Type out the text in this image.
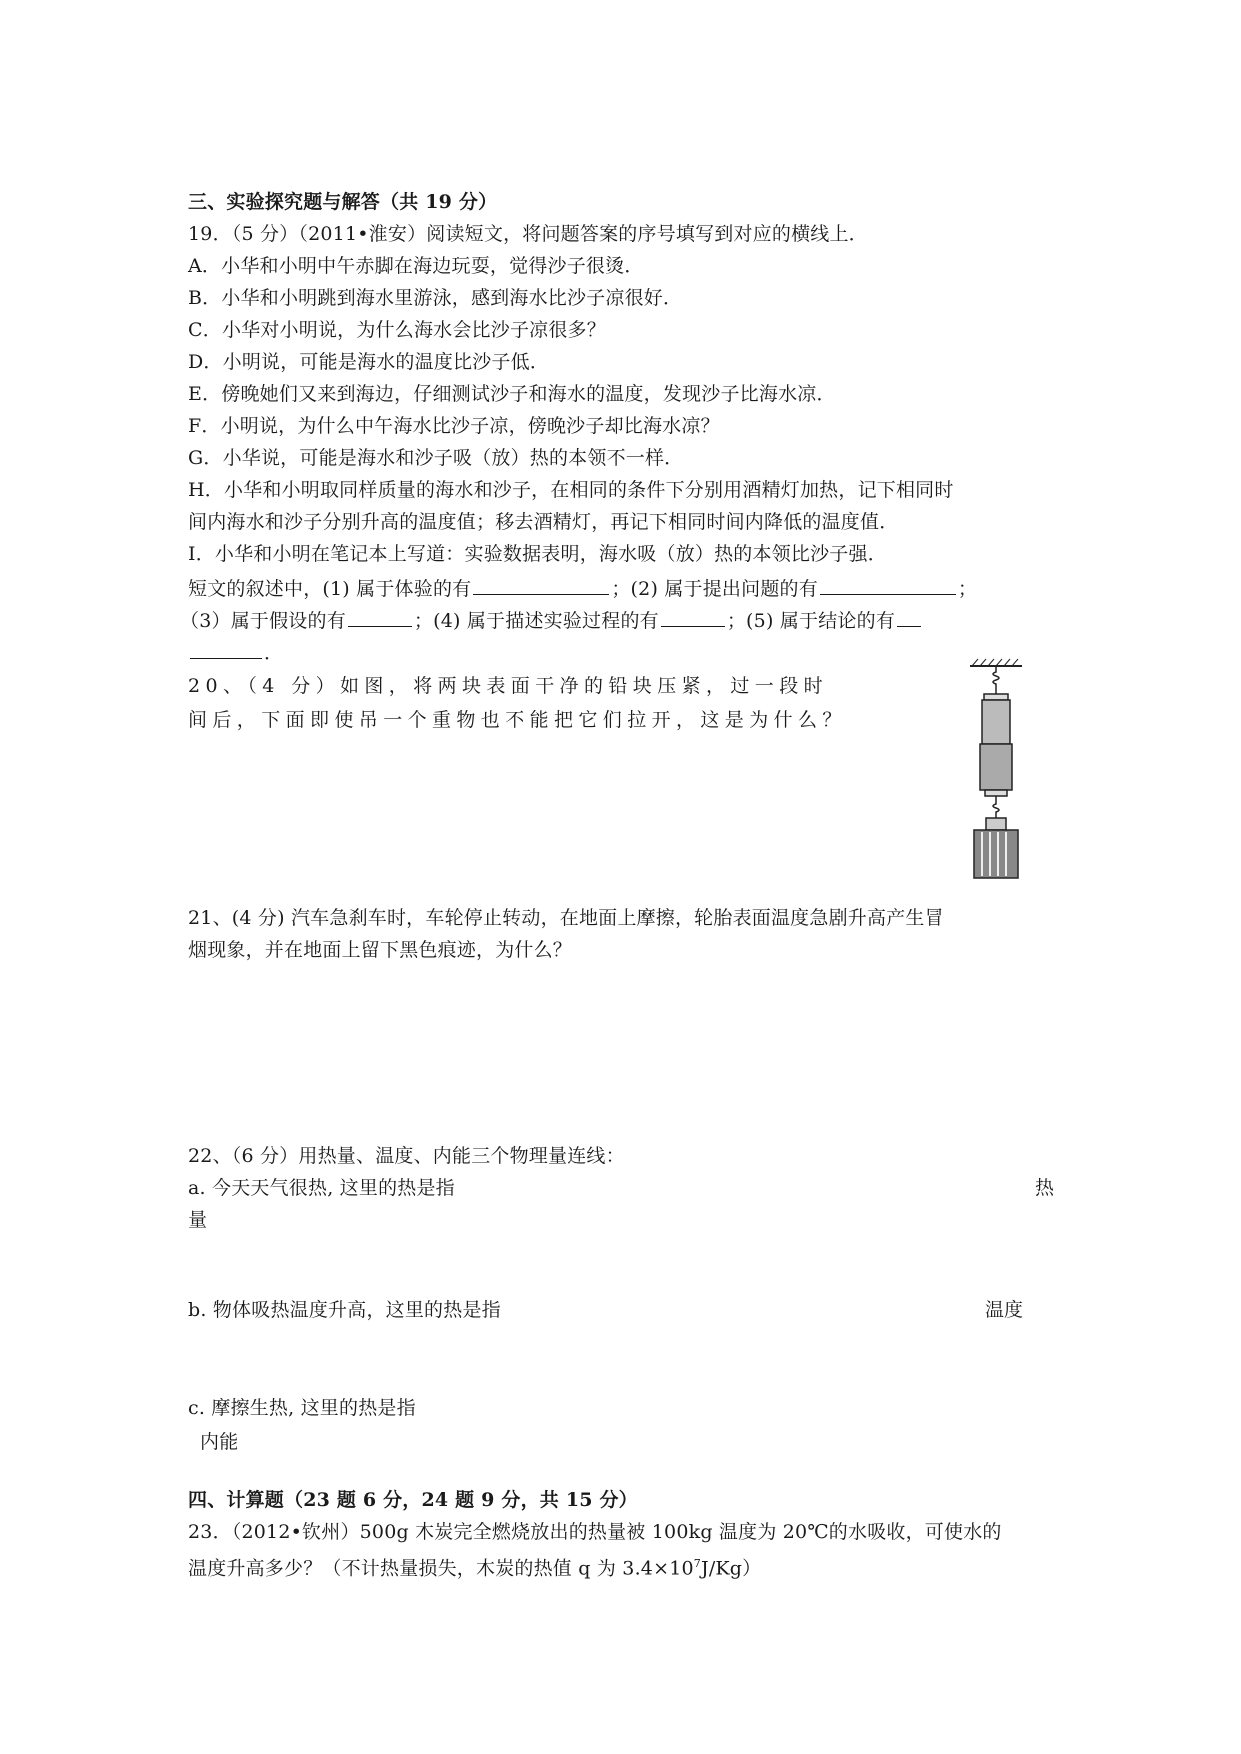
三、实验探究题与解答（共 19 分）
19．（5 分）（2011•淮安）阅读短文，将问题答案的序号填写到对应的横线上．
A．小华和小明中午赤脚在海边玩耍，觉得沙子很烫．
B．小华和小明跳到海水里游泳，感到海水比沙子凉很好．
C．小华对小明说，为什么海水会比沙子凉很多？
D．小明说，可能是海水的温度比沙子低．
E．傍晚她们又来到海边，仔细测试沙子和海水的温度，发现沙子比海水凉．
F．小明说，为什么中午海水比沙子凉，傍晚沙子却比海水凉？
G．小华说，可能是海水和沙子吸（放）热的本领不一样．
H．小华和小明取同样质量的海水和沙子，在相同的条件下分别用酒精灯加热，记下相同时
间内海水和沙子分别升高的温度值；移去酒精灯，再记下相同时间内降低的温度值．
I．小华和小明在笔记本上写道：实验数据表明，海水吸（放）热的本领比沙子强．
短文的叙述中，(1) 属于体验的有	；(2) 属于提出问题的有	；
（3）属于假设的有	；(4) 属于描述实验过程的有	；(5) 属于结论的有
．
20、（4 分）如图，将两块表面干净的铅块压紧，过一段时
间后，下面即使吊一个重物也不能把它们拉开，这是为什么？
21、(4 分) 汽车急刹车时，车轮停止转动，在地面上摩擦，轮胎表面温度急剧升高产生冒
烟现象，并在地面上留下黑色痕迹，为什么？
22、（6 分）用热量、温度、内能三个物理量连线：
a. 今天天气很热, 这里的热是指	热
量
b. 物体吸热温度升高，这里的热是指	温度
c. 摩擦生热, 这里的热是指
内能
四、计算题（23 题 6 分，24 题 9 分，共 15 分）
23．（2012•钦州）500g 木炭完全燃烧放出的热量被 100kg 温度为 20℃的水吸收，可使水的
温度升高多少？（不计热量损失，木炭的热值 q 为 $3.4\times 10^7J/Kg$）
